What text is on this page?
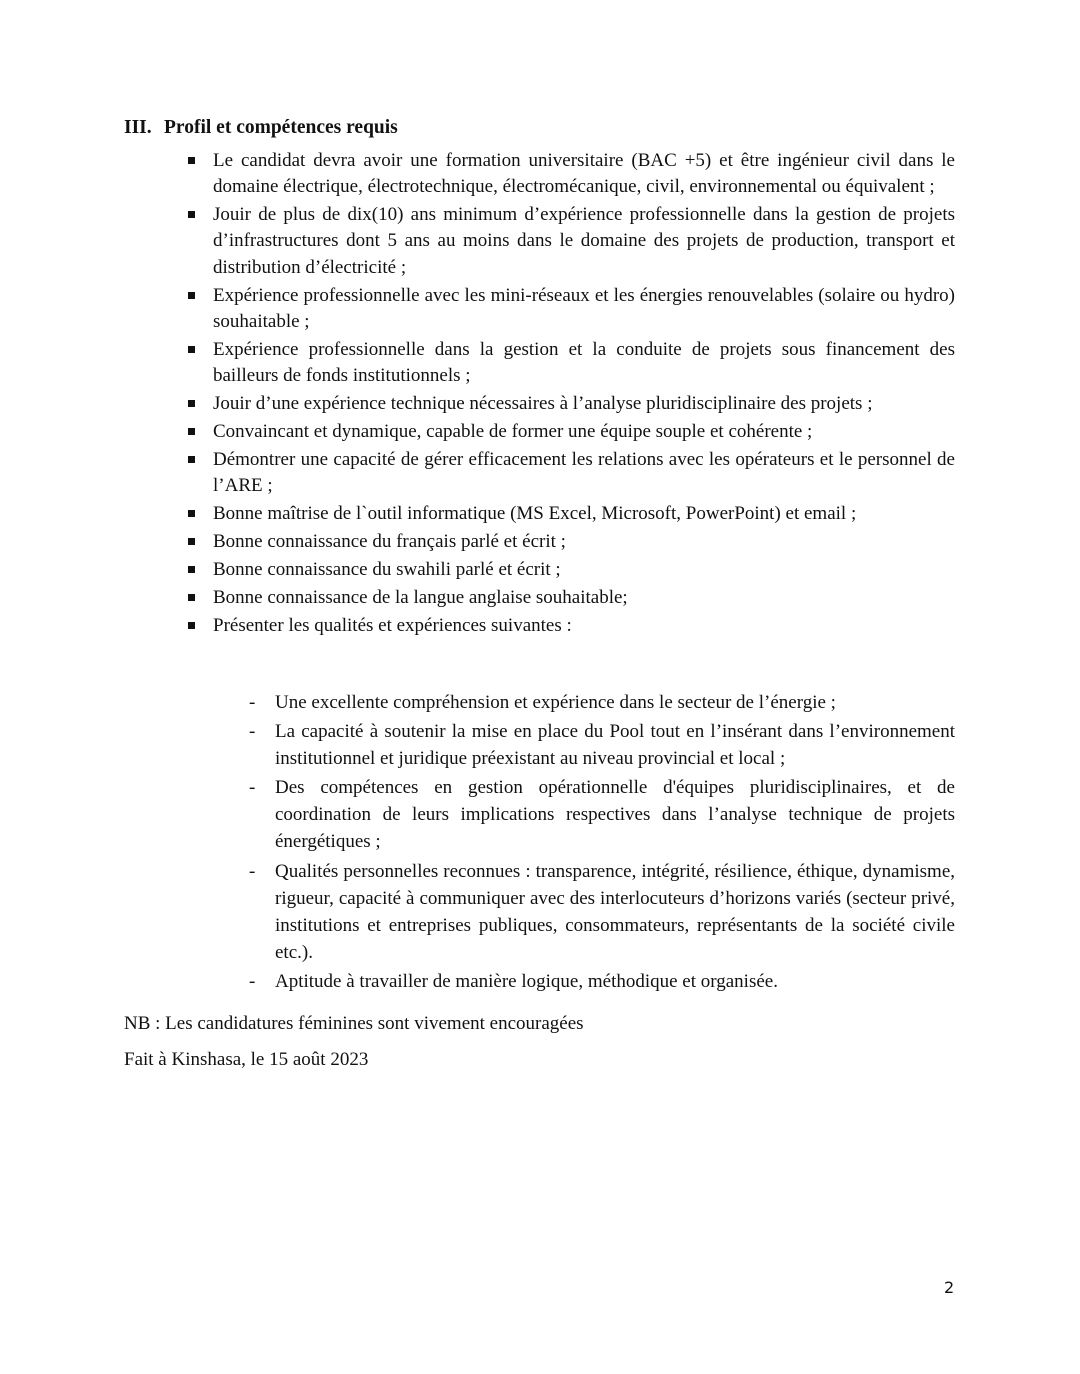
III. Profil et compétences requis
Le candidat devra avoir une formation universitaire (BAC +5) et être ingénieur civil dans le domaine électrique, électrotechnique, électromécanique, civil, environnemental ou équivalent ;
Jouir de plus de dix(10) ans minimum d’expérience professionnelle dans la gestion de projets d’infrastructures dont 5 ans au moins dans le domaine des projets de production, transport et distribution d’électricité ;
Expérience professionnelle avec les mini-réseaux et les énergies renouvelables (solaire ou hydro) souhaitable ;
Expérience professionnelle dans la gestion et la conduite de projets sous financement des bailleurs de fonds institutionnels ;
Jouir d’une expérience technique nécessaires à l’analyse pluridisciplinaire des projets ;
Convaincant et dynamique, capable de former une équipe souple et cohérente ;
Démontrer une capacité de gérer efficacement les relations avec les opérateurs et le personnel de l’ARE ;
Bonne maîtrise de l`outil informatique (MS Excel, Microsoft, PowerPoint) et email ;
Bonne connaissance du français parlé et écrit ;
Bonne connaissance du swahili parlé et écrit ;
Bonne connaissance de la langue anglaise souhaitable;
Présenter les qualités et expériences suivantes :
- Une excellente compréhension et expérience dans le secteur de l’énergie ;
- La capacité à soutenir la mise en place du Pool tout en l’insérant dans l’environnement institutionnel et juridique préexistant au niveau provincial et local ;
- Des compétences en gestion opérationnelle d'équipes pluridisciplinaires, et de coordination de leurs implications respectives dans l’analyse technique de projets énergétiques ;
- Qualités personnelles reconnues : transparence, intégrité, résilience, éthique, dynamisme, rigueur, capacité à communiquer avec des interlocuteurs d’horizons variés (secteur privé, institutions et entreprises publiques, consommateurs, représentants de la société civile etc.).
- Aptitude à travailler de manière logique, méthodique et organisée.

NB : Les candidatures féminines sont vivement encouragées

Fait à Kinshasa, le 15 août 2023

2
